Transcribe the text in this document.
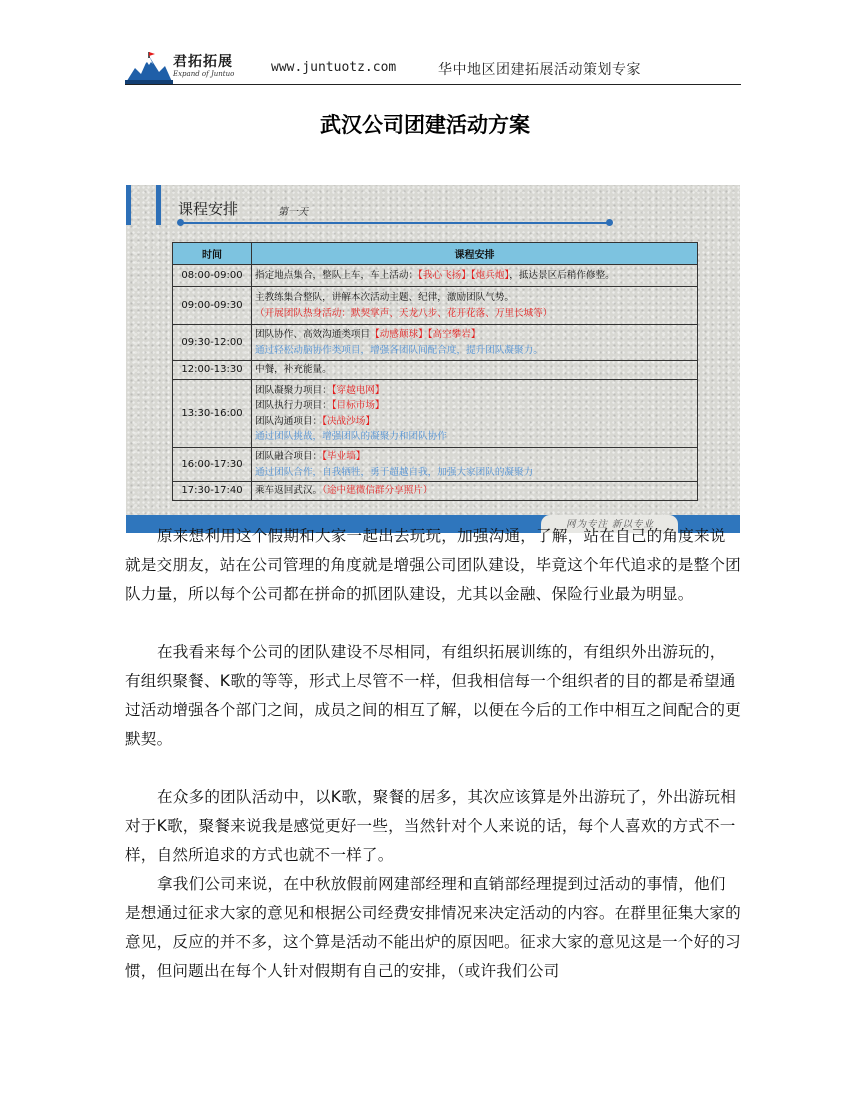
君拓拓展
Expand of Juntuo	www.juntuotz.com	华中地区团建拓展活动策划专家
武汉公司团建活动方案
课程安排	第一天
时间	课程安排
08:00-09:00	指定地点集合，整队上车，车上活动：【我心飞扬】【炮兵炮】，抵达景区后稍作修整。

09:00-09:30	主教练集合整队，讲解本次活动主题、纪律，激励团队气势。
（开展团队热身活动：默契掌声、天龙八步、花开花落、万里长城等）

09:30-12:00	团队协作、高效沟通类项目【动感颠球】【高空攀岩】
通过轻松动脑协作类项目，增强各团队间配合度，提升团队凝聚力。

12:00-13:30	中餐，补充能量。

13:30-16:00	团队凝聚力项目：【穿越电网】
团队执行力项目：【目标市场】
团队沟通项目：【决战沙场】
通过团队挑战，增强团队的凝聚力和团队协作

16:00-17:30	团队融合项目：【毕业墙】
通过团队合作，自我牺牲，勇于超越自我，加强大家团队的凝聚力

17:30-17:40	乘车返回武汉。（途中建微信群分享照片）
网为专注 新以专业

原来想利用这个假期和大家一起出去玩玩，加强沟通，了解，站在自己的角度来说就是交朋友，站在公司管理的角度就是增强公司团队建设，毕竟这个年代追求的是整个团队力量，所以每个公司都在拼命的抓团队建设，尤其以金融、保险行业最为明显。

在我看来每个公司的团队建设不尽相同，有组织拓展训练的，有组织外出游玩的，有组织聚餐、K歌的等等，形式上尽管不一样，但我相信每一个组织者的目的都是希望通过活动增强各个部门之间，成员之间的相互了解，以便在今后的工作中相互之间配合的更默契。

在众多的团队活动中，以K歌，聚餐的居多，其次应该算是外出游玩了，外出游玩相对于K歌，聚餐来说我是感觉更好一些，当然针对个人来说的话，每个人喜欢的方式不一样，自然所追求的方式也就不一样了。

拿我们公司来说，在中秋放假前网建部经理和直销部经理提到过活动的事情，他们是想通过征求大家的意见和根据公司经费安排情况来决定活动的内容。在群里征集大家的意见，反应的并不多，这个算是活动不能出炉的原因吧。征求大家的意见这是一个好的习惯，但问题出在每个人针对假期有自己的安排，（或许我们公司
